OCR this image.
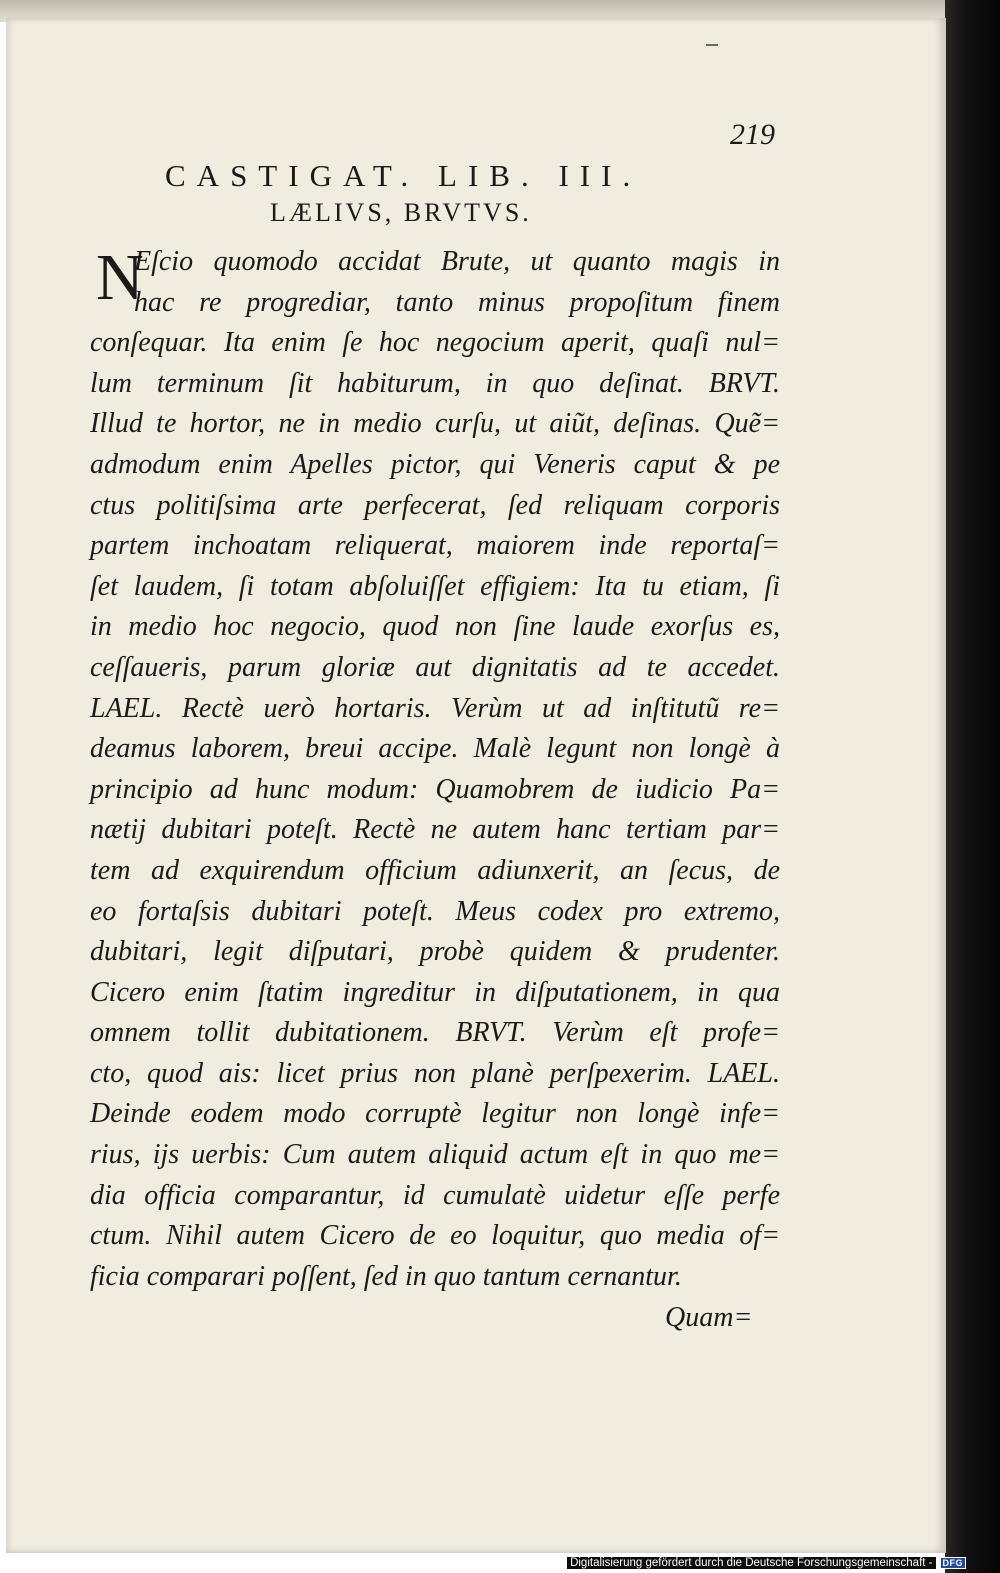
219
CASTIGAT. LIB. III.
LÆLIVS, BRVTVS.
N
Eſcio quomodo accidat Brute, ut quanto magis in
hac re progrediar, tanto minus propoſitum finem
conſequar. Ita enim ſe hoc negocium aperit, quaſi nul=
lum terminum ſit habiturum, in quo deſinat. BRVT.
Illud te hortor, ne in medio curſu, ut aiũt, deſinas. Quẽ=
admodum enim Apelles pictor, qui Veneris caput & pe
ctus politiſsima arte perfecerat, ſed reliquam corporis
partem inchoatam reliquerat, maiorem inde reportaſ=
ſet laudem, ſi totam abſoluiſſet effigiem: Ita tu etiam, ſi
in medio hoc negocio, quod non ſine laude exorſus es,
ceſſaueris, parum gloriæ aut dignitatis ad te accedet.
LAEL. Rectè uerò hortaris. Verùm ut ad inſtitutũ re=
deamus laborem, breui accipe. Malè legunt non longè à
principio ad hunc modum: Quamobrem de iudicio Pa=
nætij dubitari poteſt. Rectè ne autem hanc tertiam par=
tem ad exquirendum officium adiunxerit, an ſecus, de
eo fortaſsis dubitari poteſt. Meus codex pro extremo,
dubitari, legit diſputari, probè quidem & prudenter.
Cicero enim ſtatim ingreditur in diſputationem, in qua
omnem tollit dubitationem. BRVT. Verùm eſt profe=
cto, quod ais: licet prius non planè perſpexerim. LAEL.
Deinde eodem modo corruptè legitur non longè infe=
rius, ijs uerbis: Cum autem aliquid actum eſt in quo me=
dia officia comparantur, id cumulatè uidetur eſſe perfe
ctum. Nihil autem Cicero de eo loquitur, quo media of=
ficia comparari poſſent, ſed in quo tantum cernantur.
Quam=
Digitalisierung gefördert durch die Deutsche Forschungsgemeinschaft -	DFG
